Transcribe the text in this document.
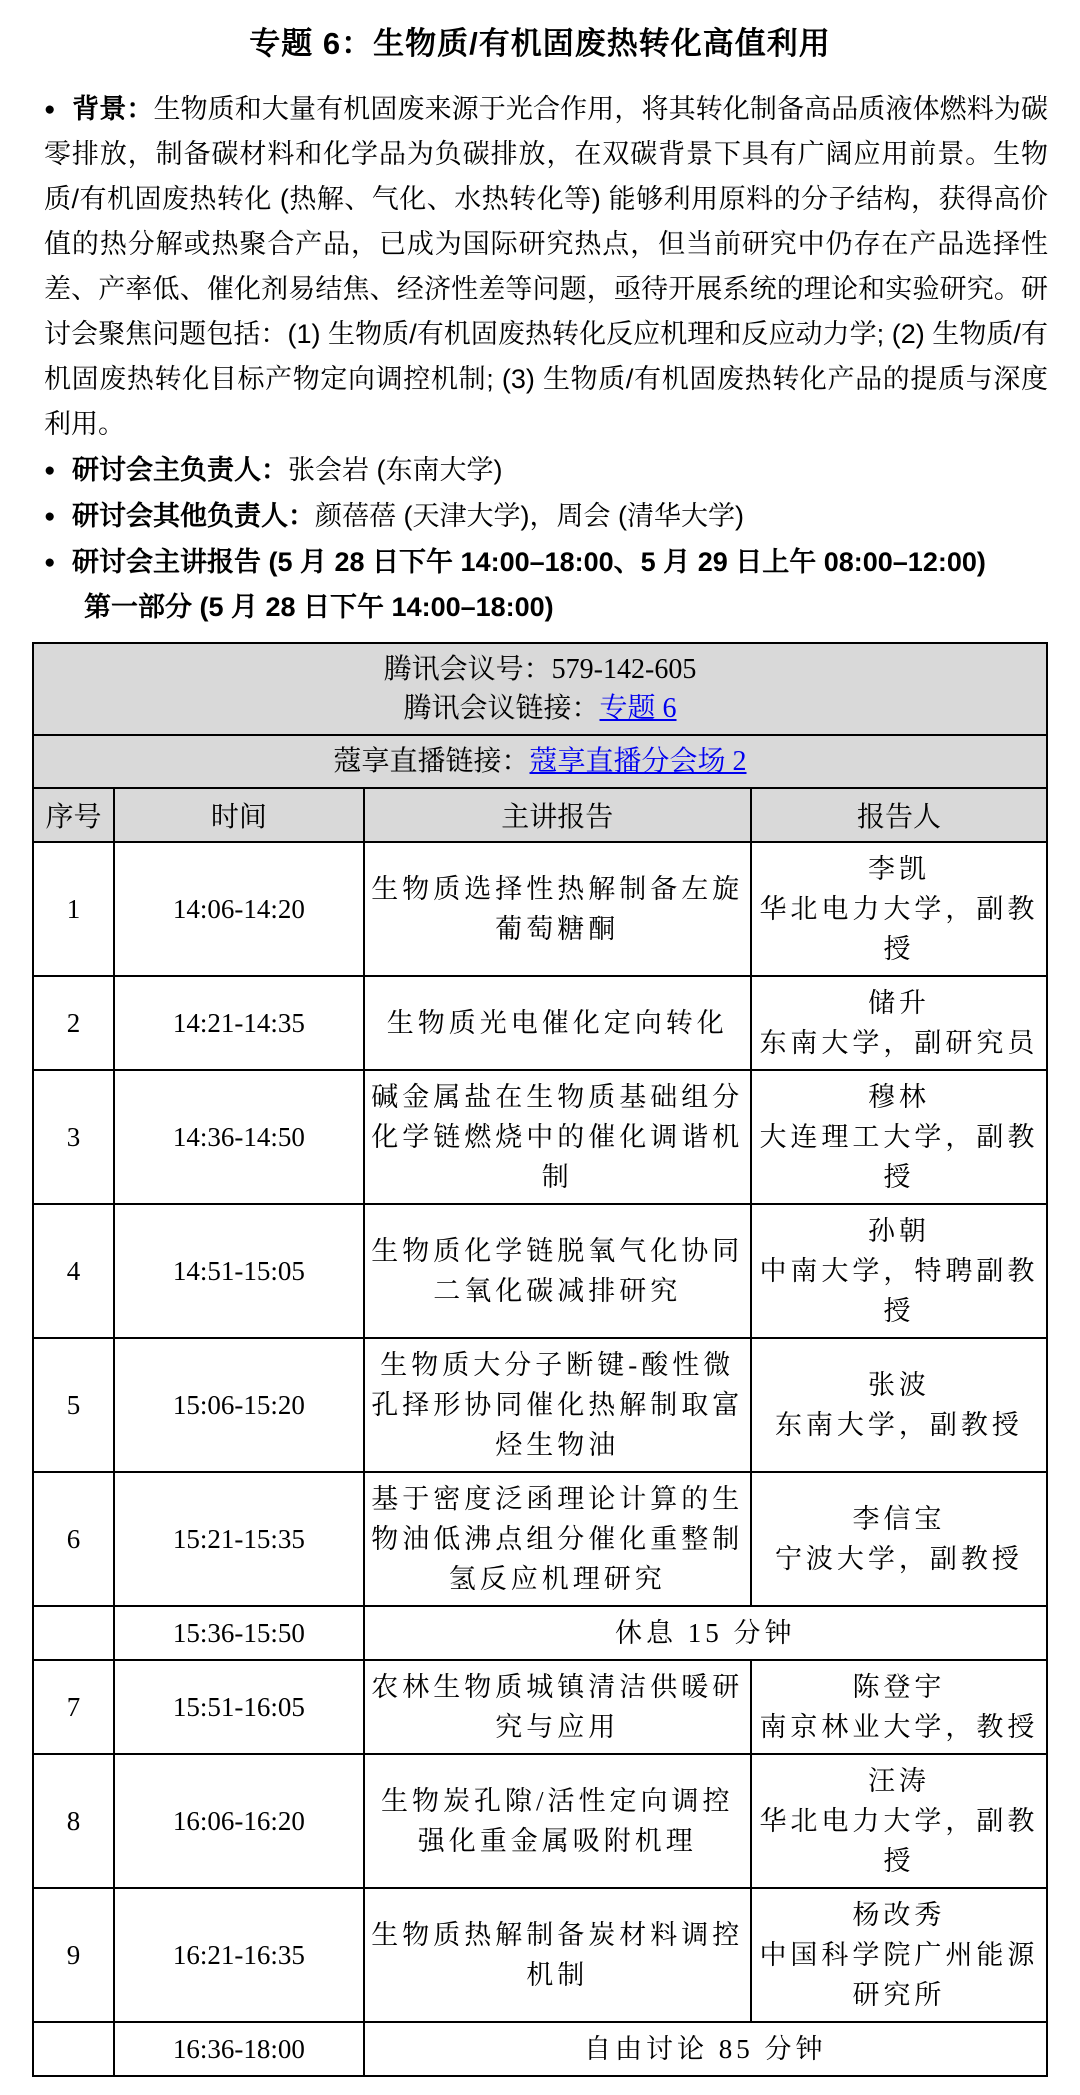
专题 6：生物质/有机固废热转化高值利用
● 背景：生物质和大量有机固废来源于光合作用，将其转化制备高品质液体燃料为碳零排放，制备碳材料和化学品为负碳排放，在双碳背景下具有广阔应用前景。生物质/有机固废热转化 (热解、气化、水热转化等) 能够利用原料的分子结构，获得高价值的热分解或热聚合产品，已成为国际研究热点，但当前研究中仍存在产品选择性差、产率低、催化剂易结焦、经济性差等问题，亟待开展系统的理论和实验研究。研讨会聚焦问题包括：(1) 生物质/有机固废热转化反应机理和反应动力学; (2) 生物质/有机固废热转化目标产物定向调控机制; (3) 生物质/有机固废热转化产品的提质与深度利用。
● 研讨会主负责人：张会岩 (东南大学)
● 研讨会其他负责人：颜蓓蓓 (天津大学)，周会 (清华大学)
● 研讨会主讲报告 (5 月 28 日下午 14:00–18:00、5 月 29 日上午 08:00–12:00)
第一部分 (5 月 28 日下午 14:00–18:00)
腾讯会议号：579-142-605
腾讯会议链接：专题 6			

蔻享直播链接：蔻享直播分会场 2			
序号	时间	主讲报告	报告人
1	14:06-14:20	生物质选择性热解制备左旋葡萄糖酮	李凯
华北电力大学，副教授

2	14:21-14:35	生物质光电催化定向转化	储升
东南大学，副研究员

3	14:36-14:50	碱金属盐在生物质基础组分化学链燃烧中的催化调谐机制	穆林
大连理工大学，副教授

4	14:51-15:05	生物质化学链脱氧气化协同二氧化碳减排研究	孙朝
中南大学，特聘副教授

5	15:06-15:20	生物质大分子断键-酸性微孔择形协同催化热解制取富烃生物油	张波
东南大学，副教授

6	15:21-15:35	基于密度泛函理论计算的生物油低沸点组分催化重整制氢反应机理研究	李信宝
宁波大学，副教授

	15:36-15:50	休息 15 分钟	
7	15:51-16:05	农林生物质城镇清洁供暖研究与应用	陈登宇
南京林业大学，教授

8	16:06-16:20	生物炭孔隙/活性定向调控强化重金属吸附机理	汪涛
华北电力大学，副教授

9	16:21-16:35	生物质热解制备炭材料调控机制	杨改秀
中国科学院广州能源研究所

	16:36-18:00	自由讨论 85 分钟	
